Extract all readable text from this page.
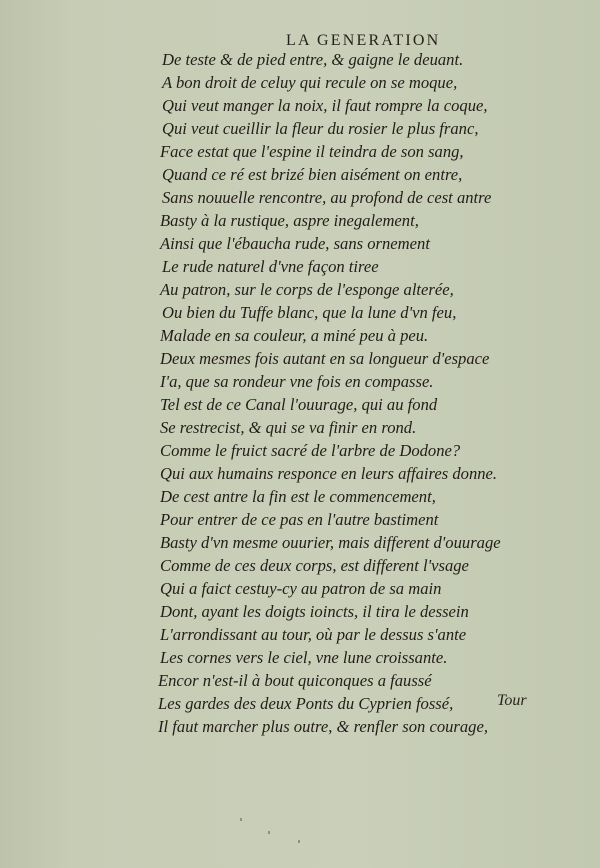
LA GENERATION
De teste & de pied entre, & gaigne le deuant.
A bon droit de celuy qui recule on se moque,
Qui veut manger la noix, il faut rompre la coque,
Qui veut cueillir la fleur du rosier le plus franc,
Face estat que l'espine il teindra de son sang,
Quand ce ré est brizé bien aisément on entre,
Sans nouuelle rencontre, au profond de cest antre
Basty à la rustique, aspre inegalement,
Ainsi que l'ébaucha rude, sans ornement
Le rude naturel d'vne façon tiree
Au patron, sur le corps de l'esponge alterée,
Ou bien du Tuffe blanc, que la lune d'vn feu,
Malade en sa couleur, a miné peu à peu.
Deux mesmes fois autant en sa longueur d'espace
I'a, que sa rondeur vne fois en compasse.
Tel est de ce Canal l'ouurage, qui au fond
Se restrecist, & qui se va finir en rond.
Comme le fruict sacré de l'arbre de Dodone?
Qui aux humains responce en leurs affaires donne.
De cest antre la fin est le commencement,
Pour entrer de ce pas en l'autre bastiment
Basty d'vn mesme ouurier, mais different d'ouurage
Comme de ces deux corps, est different l'vsage
Qui a faict cestuy-cy au patron de sa main
Dont, ayant les doigts ioincts, il tira le dessein
L'arrondissant au tour, où par le dessus s'ante
Les cornes vers le ciel, vne lune croissante.
Encor n'est-il à bout quiconques a faussé
Les gardes des deux Ponts du Cyprien fossé,
Il faut marcher plus outre, & renfler son courage,
Tour
